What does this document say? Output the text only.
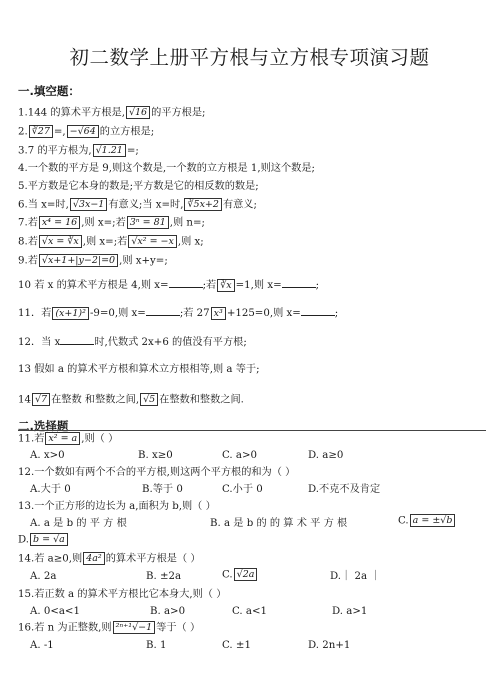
初二数学上册平方根与立方根专项演习题
一.填空题：
1.144 的算术平方根是, √16 的平方根是;
2. ∛27 =, −√64 的立方根是;
3.7 的平方根为, √1.21 =;
4.一个数的平方是 9,则这个数是,一个数的立方根是 1,则这个数是;
5.平方数是它本身的数是;平方数是它的相反数的数是;
6.当 x=时, √3x−1 有意义;当 x=时, ∛5x+2 有意义;
7.若 x⁴ = 16 ,则 x=;若 3ⁿ = 81 ,则 n=;
8.若 √x = ∛x ,则 x=;若 √x² = −x ,则 x;
9.若 √x+1+|y−2|=0 ,则 x+y=;
10 若 x 的算术平方根是 4,则 x=	;若 ∛x =1,则 x=	;
11．若 (x+1)² -9=0,则 x=	;若 27 x³ +125=0,则 x=	;
12．当 x	时,代数式 2x+6 的值没有平方根;
13 假如 a 的算术平方根和算术立方根相等,则 a 等于;
14 √7 在整数 和整数之间, √5 在整数和整数之间.
二.选择题
11.若 x² = a ,则（ ）
A. x>0	B. x≥0	C. a>0	D. a≥0
12.一个数如有两个不合的平方根,则这两个平方根的和为（ ）
A.大于 0	B.等于 0	C.小于 0	D.不克不及肯定
13.一个正方形的边长为 a,面积为 b,则（ ）
A. a 是 b 的 平 方 根	B. a 是 b 的 的 算 术 平 方 根	C. a = ±√b
D. b = √a
14.若 a≥0,则 4a² 的算术平方根是（ ）
A. 2a	B. ±2a	C. √2a	D.｜ 2a ｜
15.若正数 a 的算术平方根比它本身大,则（ ）
A. 0<a<1	B. a>0	C. a<1	D. a>1
16.若 n 为正整数,则 ²ⁿ⁺¹√−1 等于（ ）
A. -1	B. 1	C. ±1	D. 2n+1
